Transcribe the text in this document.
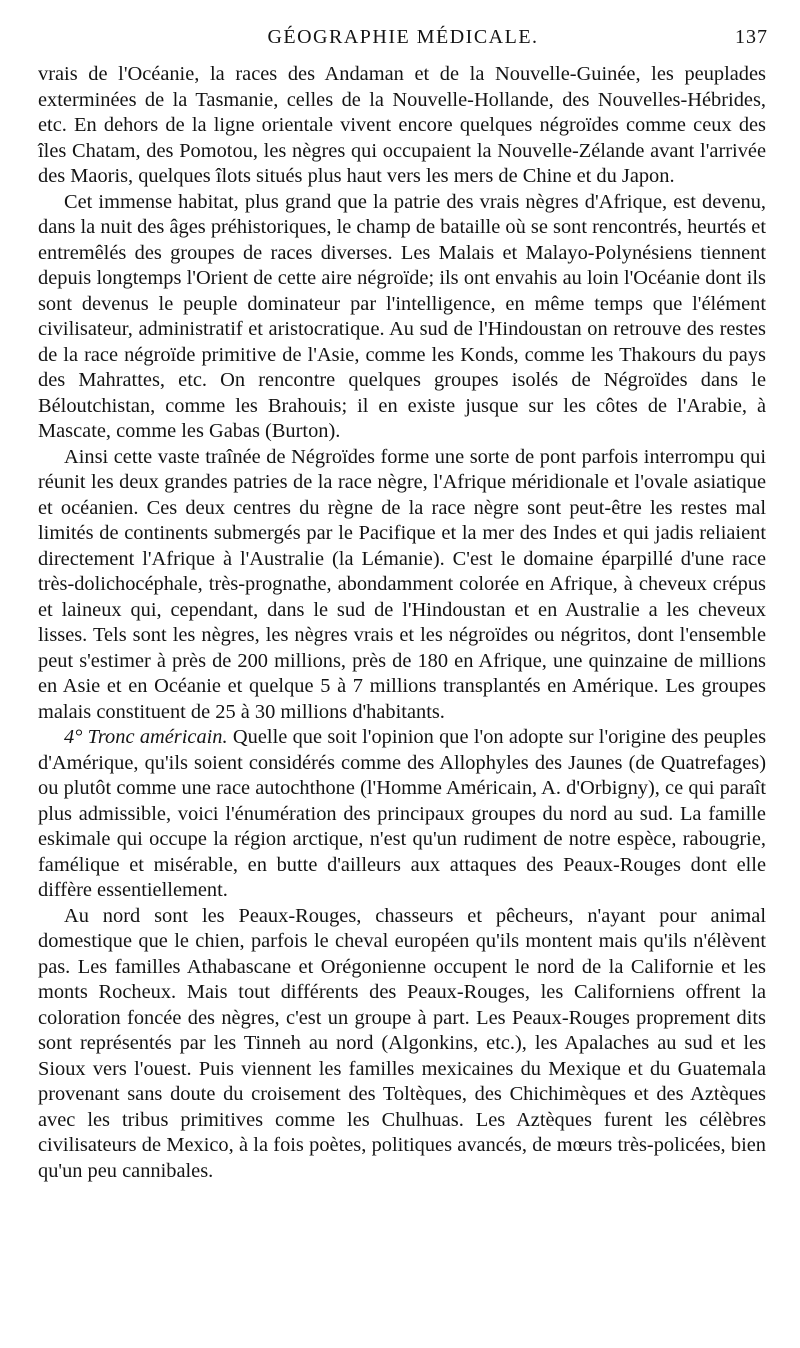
GÉOGRAPHIE MÉDICALE.	137

vrais de l'Océanie, la races des Andaman et de la Nouvelle-Guinée, les peuplades exterminées de la Tasmanie, celles de la Nouvelle-Hollande, des Nouvelles-Hébrides, etc. En dehors de la ligne orientale vivent encore quelques négroïdes comme ceux des îles Chatam, des Pomotou, les nègres qui occupaient la Nouvelle-Zélande avant l'arrivée des Maoris, quelques îlots situés plus haut vers les mers de Chine et du Japon.

Cet immense habitat, plus grand que la patrie des vrais nègres d'Afrique, est devenu, dans la nuit des âges préhistoriques, le champ de bataille où se sont rencontrés, heurtés et entremêlés des groupes de races diverses. Les Malais et Malayo-Polynésiens tiennent depuis longtemps l'Orient de cette aire négroïde; ils ont envahis au loin l'Océanie dont ils sont devenus le peuple dominateur par l'intelligence, en même temps que l'élément civilisateur, administratif et aristocratique. Au sud de l'Hindoustan on retrouve des restes de la race négroïde primitive de l'Asie, comme les Konds, comme les Thakours du pays des Mahrattes, etc. On rencontre quelques groupes isolés de Négroïdes dans le Béloutchistan, comme les Brahouis; il en existe jusque sur les côtes de l'Arabie, à Mascate, comme les Gabas (Burton).

Ainsi cette vaste traînée de Négroïdes forme une sorte de pont parfois interrompu qui réunit les deux grandes patries de la race nègre, l'Afrique méridionale et l'ovale asiatique et océanien. Ces deux centres du règne de la race nègre sont peut-être les restes mal limités de continents submergés par le Pacifique et la mer des Indes et qui jadis reliaient directement l'Afrique à l'Australie (la Lémanie). C'est le domaine éparpillé d'une race très-dolichocéphale, très-prognathe, abondamment colorée en Afrique, à cheveux crépus et laineux qui, cependant, dans le sud de l'Hindoustan et en Australie a les cheveux lisses. Tels sont les nègres, les nègres vrais et les négroïdes ou négritos, dont l'ensemble peut s'estimer à près de 200 millions, près de 180 en Afrique, une quinzaine de millions en Asie et en Océanie et quelque 5 à 7 millions transplantés en Amérique. Les groupes malais constituent de 25 à 30 millions d'habitants.

4° Tronc américain. Quelle que soit l'opinion que l'on adopte sur l'origine des peuples d'Amérique, qu'ils soient considérés comme des Allophyles des Jaunes (de Quatrefages) ou plutôt comme une race autochthone (l'Homme Américain, A. d'Orbigny), ce qui paraît plus admissible, voici l'énumération des principaux groupes du nord au sud. La famille eskimale qui occupe la région arctique, n'est qu'un rudiment de notre espèce, rabougrie, famélique et misérable, en butte d'ailleurs aux attaques des Peaux-Rouges dont elle diffère essentiellement.

Au nord sont les Peaux-Rouges, chasseurs et pêcheurs, n'ayant pour animal domestique que le chien, parfois le cheval européen qu'ils montent mais qu'ils n'élèvent pas. Les familles Athabascane et Orégonienne occupent le nord de la Californie et les monts Rocheux. Mais tout différents des Peaux-Rouges, les Californiens offrent la coloration foncée des nègres, c'est un groupe à part. Les Peaux-Rouges proprement dits sont représentés par les Tinneh au nord (Algonkins, etc.), les Apalaches au sud et les Sioux vers l'ouest. Puis viennent les familles mexicaines du Mexique et du Guatemala provenant sans doute du croisement des Toltèques, des Chichimèques et des Aztèques avec les tribus primitives comme les Chulhuas. Les Aztèques furent les célèbres civilisateurs de Mexico, à la fois poètes, politiques avancés, de mœurs très-policées, bien qu'un peu cannibales.
